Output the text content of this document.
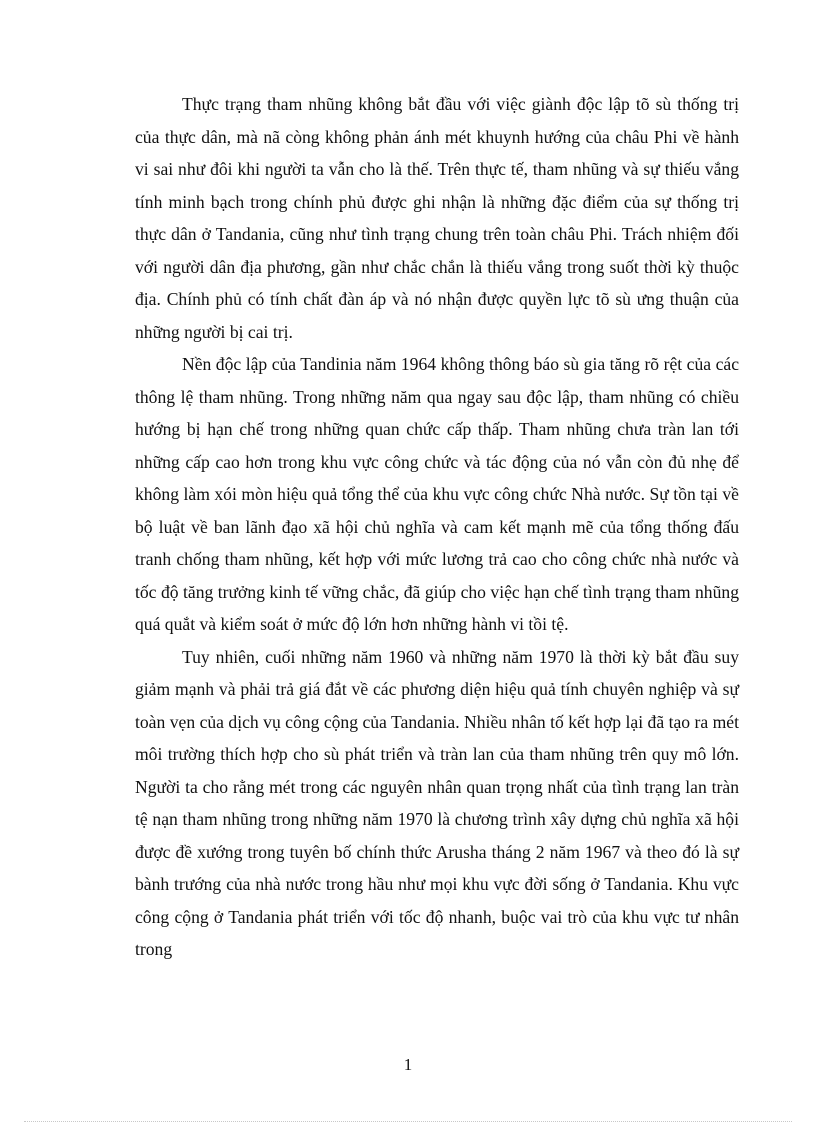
Thực trạng tham nhũng không bắt đầu với việc giành độc lập tõ sù thống trị của thực dân, mà nã còng không phản ánh mét khuynh hướng của châu Phi về hành vi sai như đôi khi người ta vẫn cho là thế. Trên thực tế, tham nhũng và sự thiếu vắng tính minh bạch trong chính phủ được ghi nhận là những đặc điểm của sự thống trị thực dân ở Tandania, cũng như tình trạng chung trên toàn châu Phi. Trách nhiệm đối với người dân địa phương, gần như chắc chắn là thiếu vắng trong suốt thời kỳ thuộc địa. Chính phủ có tính chất đàn áp và nó nhận được quyền lực tõ sù ưng thuận của những người bị cai trị.

Nền độc lập của Tandinia năm 1964 không thông báo sù gia tăng rõ rệt của các thông lệ tham nhũng. Trong những năm qua ngay sau độc lập, tham nhũng có chiều hướng bị hạn chế trong những quan chức cấp thấp. Tham nhũng chưa tràn lan tới những cấp cao hơn trong khu vực công chức và tác động của nó vẫn còn đủ nhẹ để không làm xói mòn hiệu quả tổng thể của khu vực công chức Nhà nước. Sự tồn tại về bộ luật về ban lãnh đạo xã hội chủ nghĩa và cam kết mạnh mẽ của tổng thống đấu tranh chống tham nhũng, kết hợp với mức lương trả cao cho công chức nhà nước và tốc độ tăng trưởng kinh tế vững chắc, đã giúp cho việc hạn chế tình trạng tham nhũng quá quắt và kiểm soát ở mức độ lớn hơn những hành vi tồi tệ.

Tuy nhiên, cuối những năm 1960 và những năm 1970 là thời kỳ bắt đầu suy giảm mạnh và phải trả giá đắt về các phương diện hiệu quả tính chuyên nghiệp và sự toàn vẹn của dịch vụ công cộng của Tandania. Nhiều nhân tố kết hợp lại đã tạo ra mét môi trường thích hợp cho sù phát triển và tràn lan của tham nhũng trên quy mô lớn. Người ta cho rằng mét trong các nguyên nhân quan trọng nhất của tình trạng lan tràn tệ nạn tham nhũng trong những năm 1970 là chương trình xây dựng chủ nghĩa xã hội được đề xướng trong tuyên bố chính thức Arusha tháng 2 năm 1967 và theo đó là sự bành trướng của nhà nước trong hầu như mọi khu vực đời sống ở Tandania. Khu vực công cộng ở Tandania phát triển với tốc độ nhanh, buộc vai trò của khu vực tư nhân trong

1
